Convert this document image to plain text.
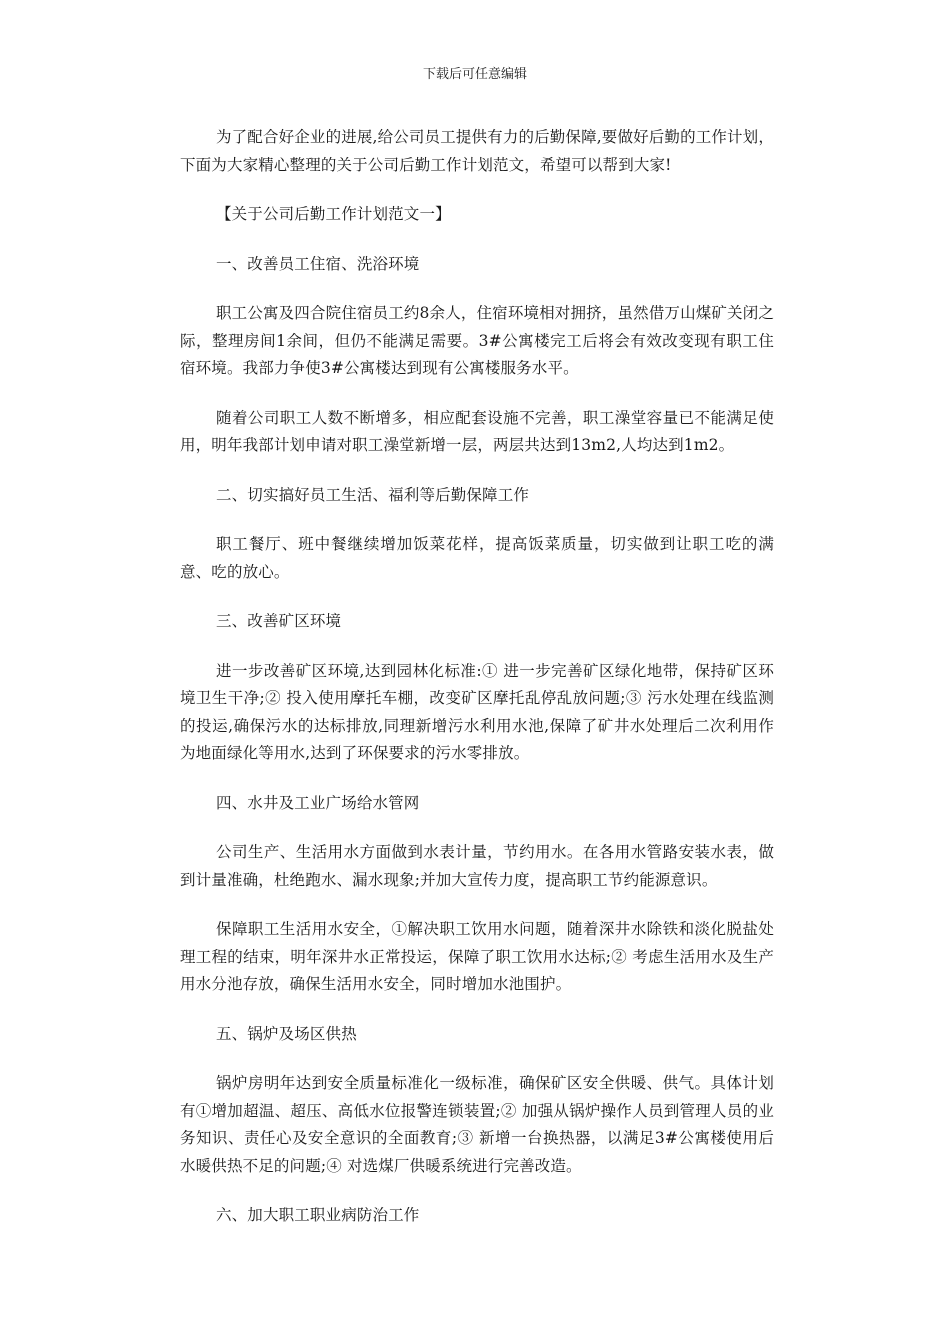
下载后可任意编辑

为了配合好企业的进展,给公司员工提供有力的后勤保障,要做好后勤的工作计划，下面为大家精心整理的关于公司后勤工作计划范文，希望可以帮到大家!

【关于公司后勤工作计划范文一】

一、改善员工住宿、洗浴环境

职工公寓及四合院住宿员工约8余人，住宿环境相对拥挤，虽然借万山煤矿关闭之际，整理房间1余间，但仍不能满足需要。3#公寓楼完工后将会有效改变现有职工住宿环境。我部力争使3#公寓楼达到现有公寓楼服务水平。

随着公司职工人数不断增多，相应配套设施不完善，职工澡堂容量已不能满足使用，明年我部计划申请对职工澡堂新增一层，两层共达到13m2,人均达到1m2。

二、切实搞好员工生活、福利等后勤保障工作

职工餐厅、班中餐继续增加饭菜花样，提高饭菜质量，切实做到让职工吃的满意、吃的放心。

三、改善矿区环境

进一步改善矿区环境,达到园林化标准:① 进一步完善矿区绿化地带，保持矿区环境卫生干净;② 投入使用摩托车棚，改变矿区摩托乱停乱放问题;③ 污水处理在线监测的投运,确保污水的达标排放,同理新增污水利用水池,保障了矿井水处理后二次利用作为地面绿化等用水,达到了环保要求的污水零排放。

四、水井及工业广场给水管网

公司生产、生活用水方面做到水表计量，节约用水。在各用水管路安装水表，做到计量准确，杜绝跑水、漏水现象;并加大宣传力度，提高职工节约能源意识。

保障职工生活用水安全，①解决职工饮用水问题，随着深井水除铁和淡化脱盐处理工程的结束，明年深井水正常投运，保障了职工饮用水达标;② 考虑生活用水及生产用水分池存放，确保生活用水安全，同时增加水池围护。

五、锅炉及场区供热

锅炉房明年达到安全质量标准化一级标准，确保矿区安全供暖、供气。具体计划有①增加超温、超压、高低水位报警连锁装置;② 加强从锅炉操作人员到管理人员的业务知识、责任心及安全意识的全面教育;③ 新增一台换热器，以满足3#公寓楼使用后水暖供热不足的问题;④ 对选煤厂供暖系统进行完善改造。

六、加大职工职业病防治工作
